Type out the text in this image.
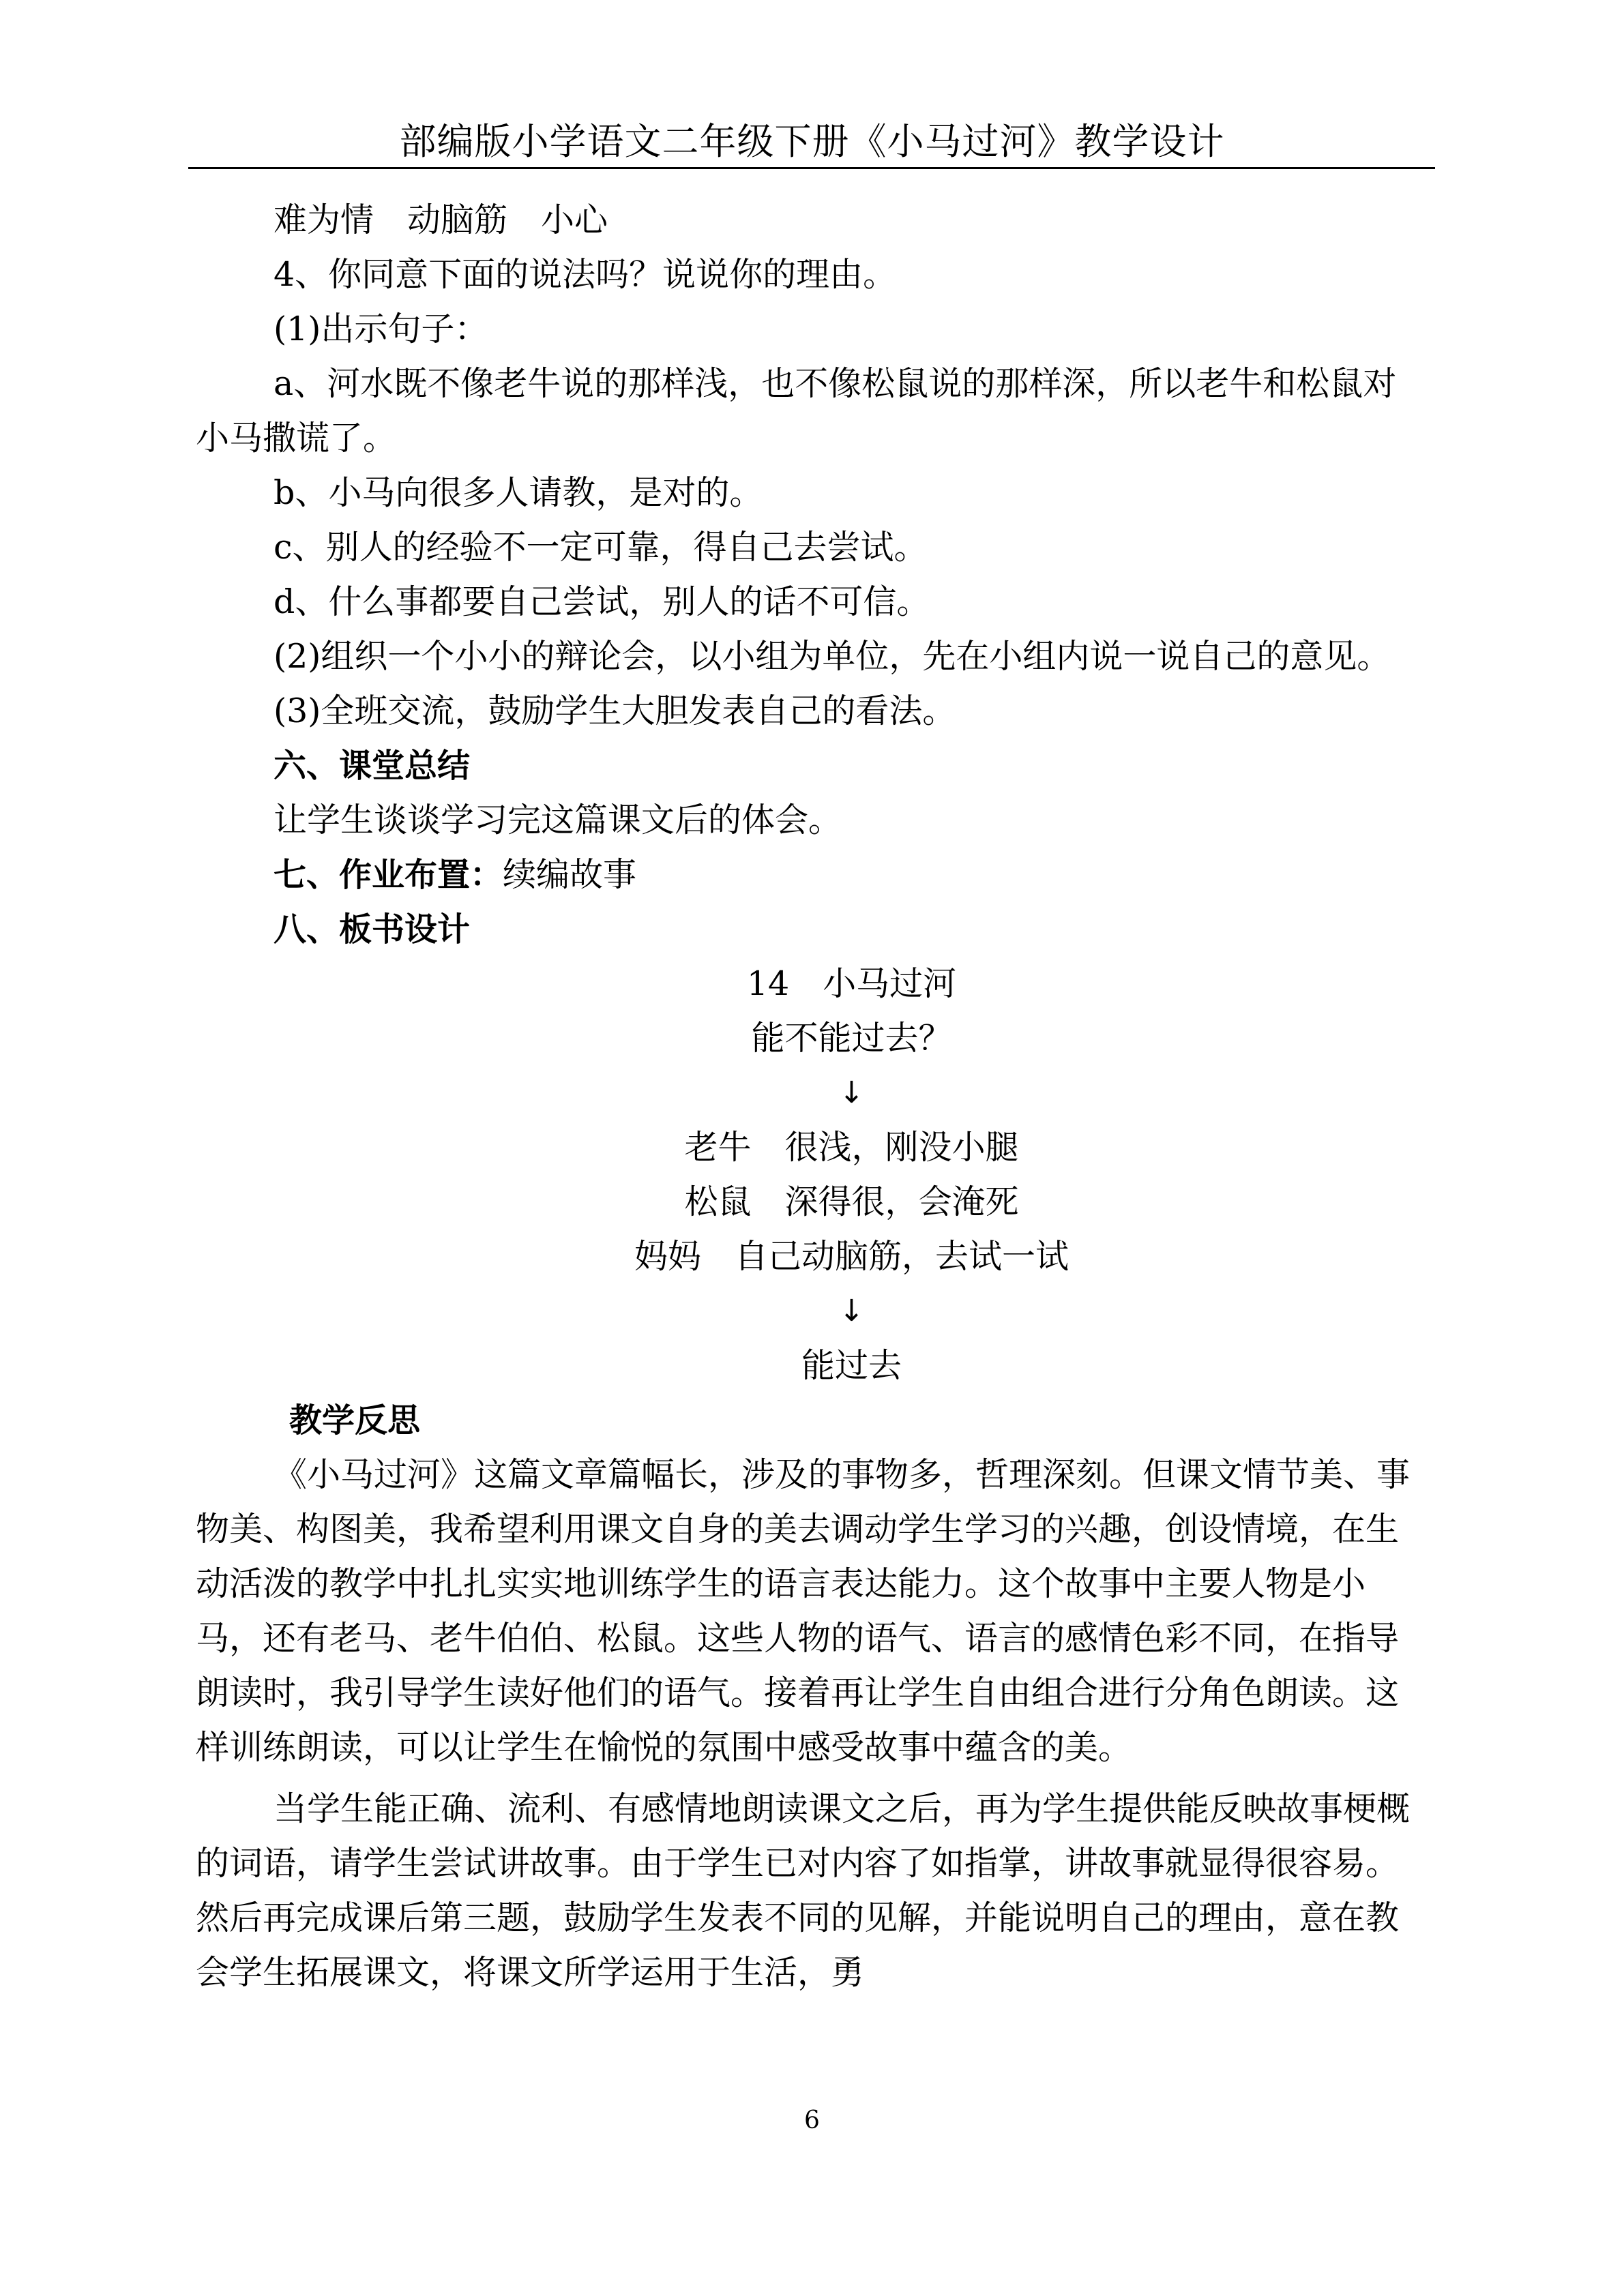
部编版小学语文二年级下册《小马过河》教学设计

难为情　动脑筋　小心

4、你同意下面的说法吗？说说你的理由。

(1)出示句子：

a、河水既不像老牛说的那样浅，也不像松鼠说的那样深，所以老牛和松鼠对小马撒谎了。

b、小马向很多人请教，是对的。

c、别人的经验不一定可靠，得自己去尝试。

d、什么事都要自己尝试，别人的话不可信。

(2)组织一个小小的辩论会，以小组为单位，先在小组内说一说自己的意见。

(3)全班交流，鼓励学生大胆发表自己的看法。

六、课堂总结

让学生谈谈学习完这篇课文后的体会。

七、作业布置：续编故事

八、板书设计

14　小马过河
能不能过去？
↓
老牛　很浅，刚没小腿
松鼠　深得很，会淹死
妈妈　自己动脑筋，去试一试
↓
能过去

教学反思

《小马过河》这篇文章篇幅长，涉及的事物多，哲理深刻。但课文情节美、事物美、构图美，我希望利用课文自身的美去调动学生学习的兴趣，创设情境，在生动活泼的教学中扎扎实实地训练学生的语言表达能力。这个故事中主要人物是小马，还有老马、老牛伯伯、松鼠。这些人物的语气、语言的感情色彩不同，在指导朗读时，我引导学生读好他们的语气。接着再让学生自由组合进行分角色朗读。这样训练朗读，可以让学生在愉悦的氛围中感受故事中蕴含的美。

当学生能正确、流利、有感情地朗读课文之后，再为学生提供能反映故事梗概的词语，请学生尝试讲故事。由于学生已对内容了如指掌，讲故事就显得很容易。然后再完成课后第三题，鼓励学生发表不同的见解，并能说明自己的理由，意在教会学生拓展课文，将课文所学运用于生活，勇

6
